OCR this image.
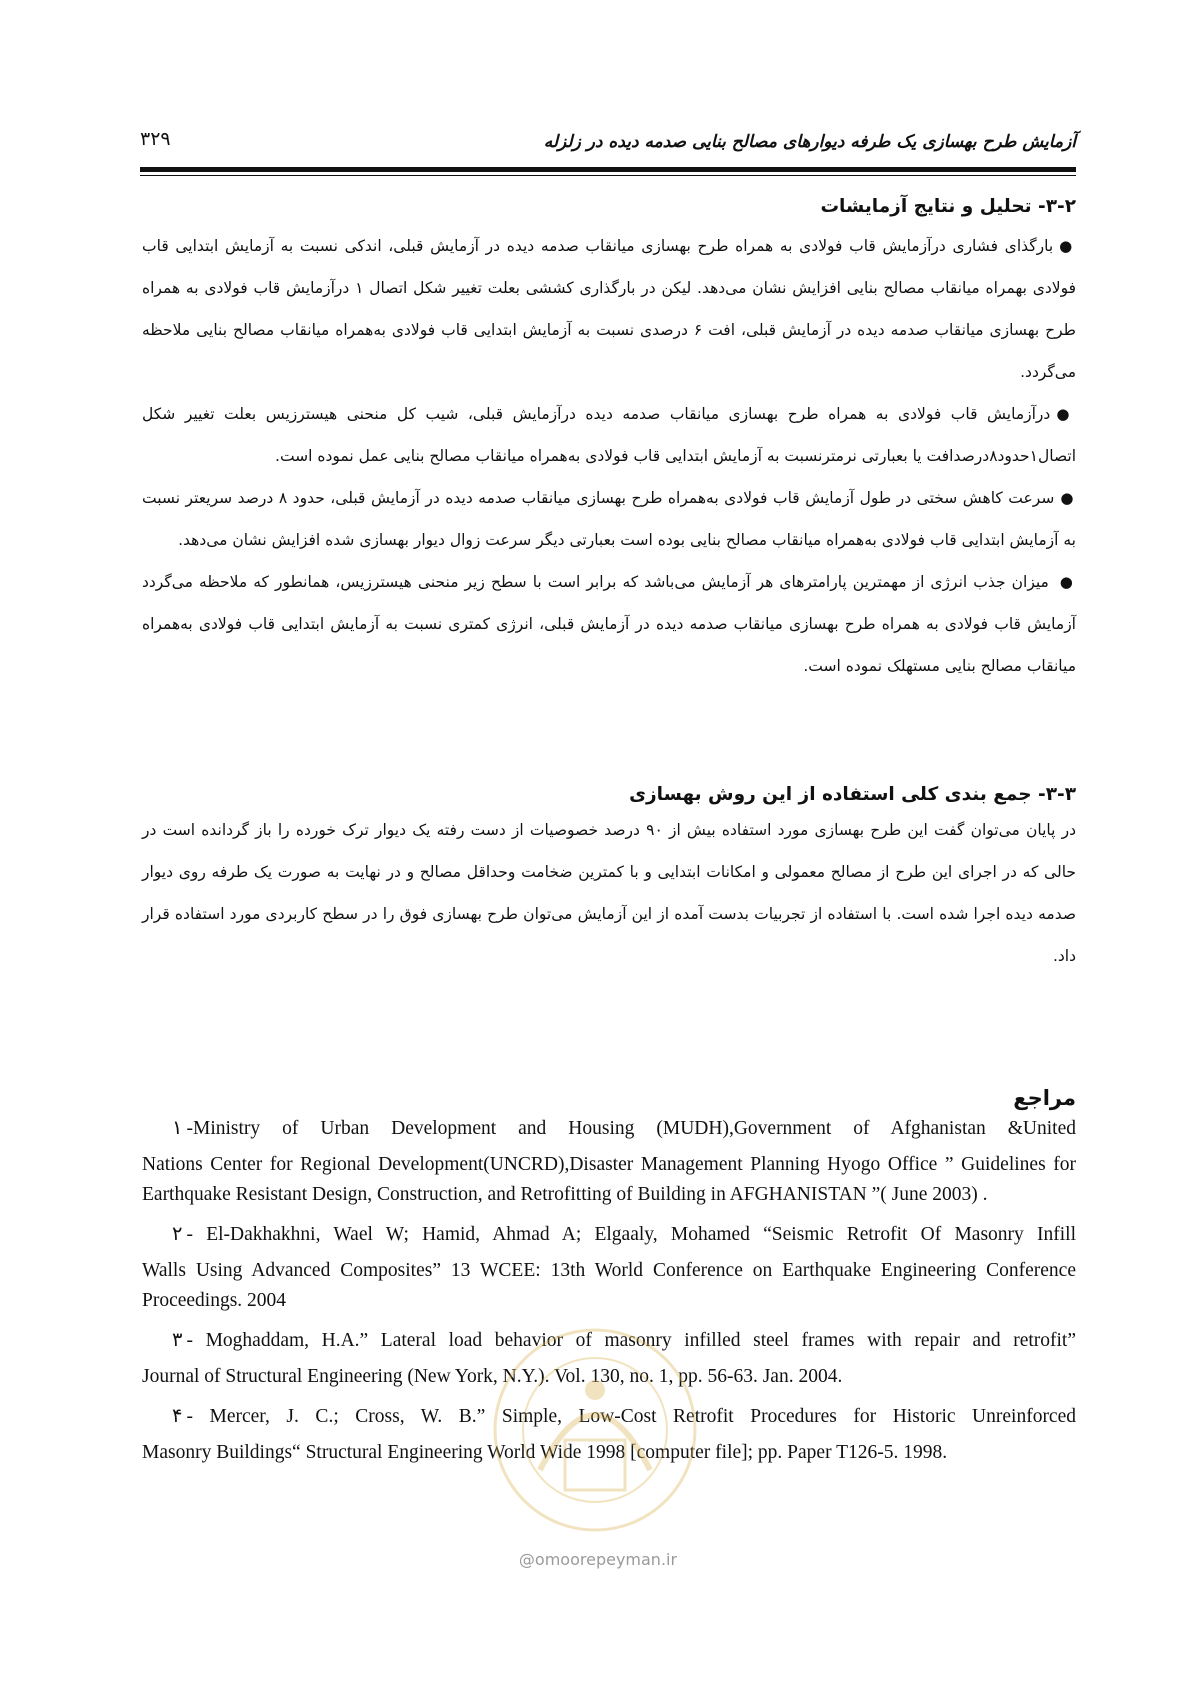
آزمایش طرح بهسازی یک طرفه دیوارهای مصالح بنایی صدمه دیده در زلزله
۳۲۹
۳-۲- تحلیل و نتایج آزمایشات

●بارگذای فشاری درآزمایش قاب فولادی به همراه طرح بهسازی میانقاب صدمه دیده در آزمایش قبلی، اندکی نسبت به آزمایش ابتدایی قاب فولادی بهمراه میانقاب مصالح بنایی افزایش نشان می‌دهد. لیکن در بارگذاری کششی بعلت تغییر شکل اتصال ۱ درآزمایش قاب فولادی به همراه طرح بهسازی میانقاب صدمه دیده در آزمایش قبلی، افت ۶ درصدی نسبت به آزمایش ابتدایی قاب فولادی به‌همراه میانقاب مصالح بنایی ملاحظه می‌گردد.

●درآزمایش قاب فولادی به همراه طرح بهسازی میانقاب صدمه دیده درآزمایش قبلی، شیب کل منحنی هیسترزیس بعلت تغییر شکل اتصال۱حدود۸درصدافت یا بعبارتی نرمترنسبت به آزمایش ابتدایی قاب فولادی به‌همراه میانقاب مصالح بنایی عمل نموده است.

●سرعت کاهش سختی در طول آزمایش قاب فولادی به‌همراه طرح بهسازی میانقاب صدمه دیده در آزمایش قبلی، حدود ۸ درصد سریعتر نسبت به آزمایش ابتدایی قاب فولادی به‌همراه میانقاب مصالح بنایی بوده است بعبارتی دیگر سرعت زوال دیوار بهسازی شده افزایش نشان می‌دهد.

● میزان جذب انرژی از مهمترین پارامترهای هر آزمایش می‌باشد که برابر است با سطح زیر منحنی هیسترزیس، همانطور که ملاحظه می‌گردد آزمایش قاب فولادی به همراه طرح بهسازی میانقاب صدمه دیده در آزمایش قبلی، انرژی کمتری نسبت به آزمایش ابتدایی قاب فولادی به‌همراه میانقاب مصالح بنایی مستهلک نموده است.

۳-۳- جمع بندی کلی استفاده از این روش بهسازی

در پایان می‌توان گفت این طرح بهسازی مورد استفاده بیش از ۹۰ درصد خصوصیات از دست رفته یک دیوار ترک خورده را باز گردانده است در حالی که در اجرای این طرح از مصالح معمولی و امکانات ابتدایی و با کمترین ضخامت وحداقل مصالح و در نهایت به صورت یک طرفه روی دیوار صدمه دیده اجرا شده است. با استفاده از تجربیات بدست آمده از این آزمایش می‌توان طرح بهسازی فوق را در سطح کاربردی مورد استفاده قرار داد.

مراجع
۱ -Ministry of Urban Development and Housing (MUDH),Government of Afghanistan &United
Nations Center for Regional Development(UNCRD),Disaster Management Planning Hyogo Office ” Guidelines for Earthquake Resistant Design, Construction, and Retrofitting of Building in AFGHANISTAN ”( June 2003) .
۲ - El-Dakhakhni, Wael W; Hamid, Ahmad A; Elgaaly, Mohamed “Seismic Retrofit Of Masonry Infill
Walls Using Advanced Composites” 13 WCEE: 13th World Conference on Earthquake Engineering Conference Proceedings. 2004
۳ - Moghaddam, H.A.” Lateral load behavior of masonry infilled steel frames with repair and retrofit”
Journal of Structural Engineering (New York, N.Y.). Vol. 130, no. 1, pp. 56-63. Jan. 2004.
۴ - Mercer, J. C.; Cross, W. B.” Simple, Low-Cost Retrofit Procedures for Historic Unreinforced
Masonry Buildings“ Structural Engineering World Wide 1998 [computer file]; pp. Paper T126-5. 1998.
@omoorepeyman.ir
